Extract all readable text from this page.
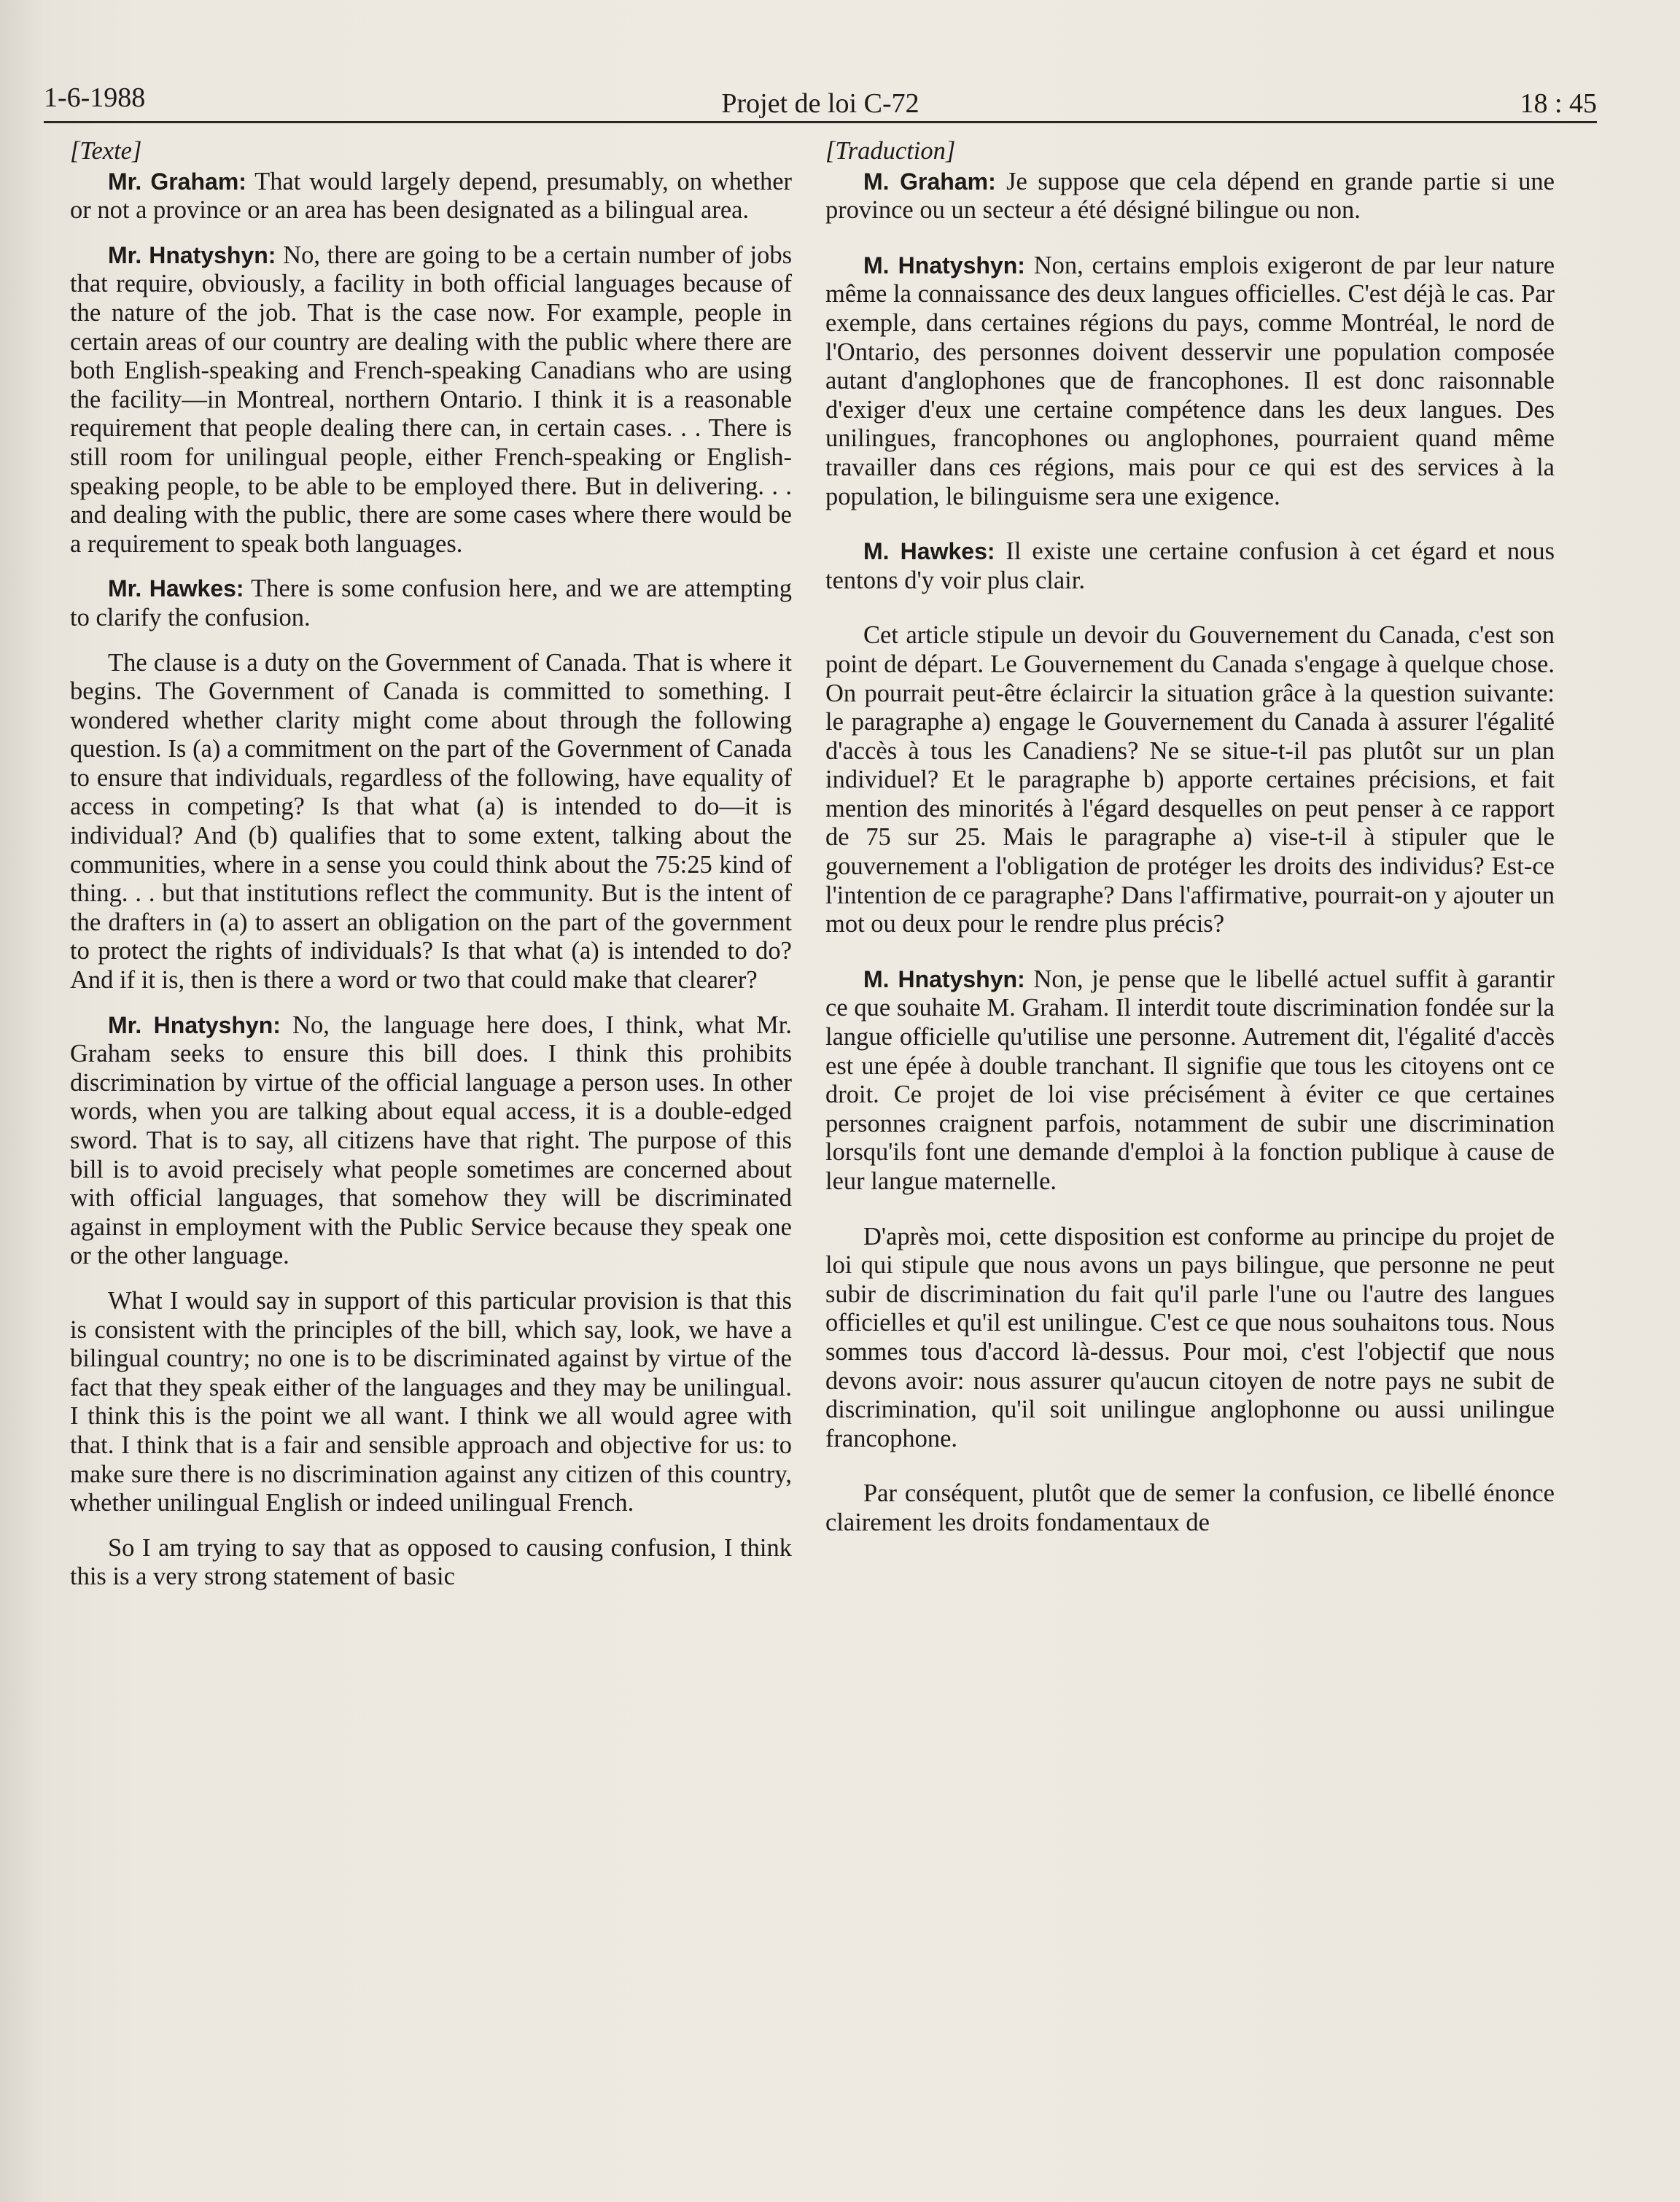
1-6-1988	Projet de loi C-72	18 : 45

[Texte]

Mr. Graham: That would largely depend, presumably, on whether or not a province or an area has been designated as a bilingual area.

Mr. Hnatyshyn: No, there are going to be a certain number of jobs that require, obviously, a facility in both official languages because of the nature of the job. That is the case now. For example, people in certain areas of our country are dealing with the public where there are both English-speaking and French-speaking Canadians who are using the facility—in Montreal, northern Ontario. I think it is a reasonable requirement that people dealing there can, in certain cases. . . There is still room for unilingual people, either French-speaking or English-speaking people, to be able to be employed there. But in delivering. . . and dealing with the public, there are some cases where there would be a requirement to speak both languages.

Mr. Hawkes: There is some confusion here, and we are attempting to clarify the confusion.

The clause is a duty on the Government of Canada. That is where it begins. The Government of Canada is committed to something. I wondered whether clarity might come about through the following question. Is (a) a commitment on the part of the Government of Canada to ensure that individuals, regardless of the following, have equality of access in competing? Is that what (a) is intended to do—it is individual? And (b) qualifies that to some extent, talking about the communities, where in a sense you could think about the 75:25 kind of thing. . . but that institutions reflect the community. But is the intent of the drafters in (a) to assert an obligation on the part of the government to protect the rights of individuals? Is that what (a) is intended to do? And if it is, then is there a word or two that could make that clearer?

Mr. Hnatyshyn: No, the language here does, I think, what Mr. Graham seeks to ensure this bill does. I think this prohibits discrimination by virtue of the official language a person uses. In other words, when you are talking about equal access, it is a double-edged sword. That is to say, all citizens have that right. The purpose of this bill is to avoid precisely what people sometimes are concerned about with official languages, that somehow they will be discriminated against in employment with the Public Service because they speak one or the other language.

What I would say in support of this particular provision is that this is consistent with the principles of the bill, which say, look, we have a bilingual country; no one is to be discriminated against by virtue of the fact that they speak either of the languages and they may be unilingual. I think this is the point we all want. I think we all would agree with that. I think that is a fair and sensible approach and objective for us: to make sure there is no discrimination against any citizen of this country, whether unilingual English or indeed unilingual French.

So I am trying to say that as opposed to causing confusion, I think this is a very strong statement of basic

[Traduction]

M. Graham: Je suppose que cela dépend en grande partie si une province ou un secteur a été désigné bilingue ou non.

M. Hnatyshyn: Non, certains emplois exigeront de par leur nature même la connaissance des deux langues officielles. C'est déjà le cas. Par exemple, dans certaines régions du pays, comme Montréal, le nord de l'Ontario, des personnes doivent desservir une population composée autant d'anglophones que de francophones. Il est donc raisonnable d'exiger d'eux une certaine compétence dans les deux langues. Des unilingues, francophones ou anglophones, pourraient quand même travailler dans ces régions, mais pour ce qui est des services à la population, le bilinguisme sera une exigence.

M. Hawkes: Il existe une certaine confusion à cet égard et nous tentons d'y voir plus clair.

Cet article stipule un devoir du Gouvernement du Canada, c'est son point de départ. Le Gouvernement du Canada s'engage à quelque chose. On pourrait peut-être éclaircir la situation grâce à la question suivante: le paragraphe a) engage le Gouvernement du Canada à assurer l'égalité d'accès à tous les Canadiens? Ne se situe-t-il pas plutôt sur un plan individuel? Et le paragraphe b) apporte certaines précisions, et fait mention des minorités à l'égard desquelles on peut penser à ce rapport de 75 sur 25. Mais le paragraphe a) vise-t-il à stipuler que le gouvernement a l'obligation de protéger les droits des individus? Est-ce l'intention de ce paragraphe? Dans l'affirmative, pourrait-on y ajouter un mot ou deux pour le rendre plus précis?

M. Hnatyshyn: Non, je pense que le libellé actuel suffit à garantir ce que souhaite M. Graham. Il interdit toute discrimination fondée sur la langue officielle qu'utilise une personne. Autrement dit, l'égalité d'accès est une épée à double tranchant. Il signifie que tous les citoyens ont ce droit. Ce projet de loi vise précisément à éviter ce que certaines personnes craignent parfois, notamment de subir une discrimination lorsqu'ils font une demande d'emploi à la fonction publique à cause de leur langue maternelle.

D'après moi, cette disposition est conforme au principe du projet de loi qui stipule que nous avons un pays bilingue, que personne ne peut subir de discrimination du fait qu'il parle l'une ou l'autre des langues officielles et qu'il est unilingue. C'est ce que nous souhaitons tous. Nous sommes tous d'accord là-dessus. Pour moi, c'est l'objectif que nous devons avoir: nous assurer qu'aucun citoyen de notre pays ne subit de discrimination, qu'il soit unilingue anglophonne ou aussi unilingue francophone.

Par conséquent, plutôt que de semer la confusion, ce libellé énonce clairement les droits fondamentaux de
